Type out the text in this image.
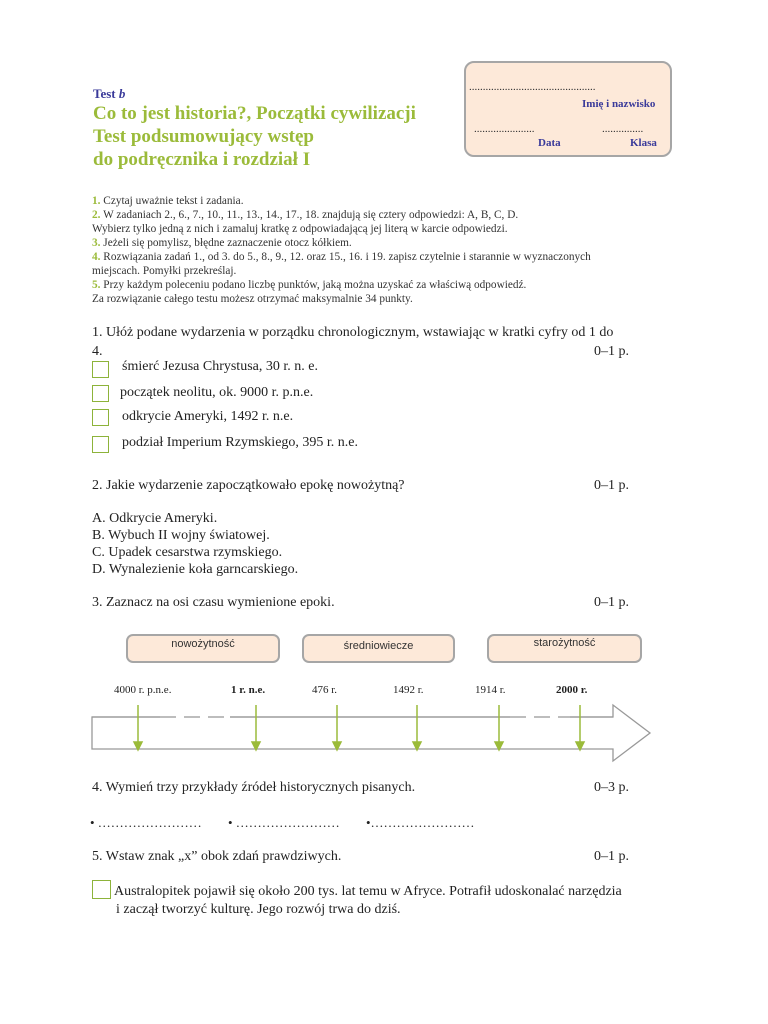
Test b
Co to jest historia?, Początki cywilizacji
Test podsumowujący wstęp
do podręcznika i rozdział I
..............................................
Imię i nazwisko
......................	...............
Data	Klasa
1. Czytaj uważnie tekst i zadania.
2. W zadaniach 2., 6., 7., 10., 11., 13., 14., 17., 18. znajdują się cztery odpowiedzi: A, B, C, D.
Wybierz tylko jedną z nich i zamaluj kratkę z odpowiadającą jej literą w karcie odpowiedzi.
3. Jeżeli się pomylisz, błędne zaznaczenie otocz kółkiem.
4. Rozwiązania zadań 1., od 3. do 5., 8., 9., 12. oraz 15., 16. i 19. zapisz czytelnie i starannie w wyznaczonych
miejscach. Pomyłki przekreślaj.
5. Przy każdym poleceniu podano liczbę punktów, jaką można uzyskać za właściwą odpowiedź.
Za rozwiązanie całego testu możesz otrzymać maksymalnie 34 punkty.
1. Ułóż podane wydarzenia w porządku chronologicznym, wstawiając w kratki cyfry od 1 do
4.	0–1 p.
śmierć Jezusa Chrystusa, 30 r. n. e.
początek neolitu, ok. 9000 r. p.n.e.
odkrycie Ameryki, 1492 r. n.e.
podział Imperium Rzymskiego, 395 r. n.e.
2. Jakie wydarzenie zapoczątkowało epokę nowożytną?	0–1 p.
A. Odkrycie Ameryki.
B. Wybuch II wojny światowej.
C. Upadek cesarstwa rzymskiego.
D. Wynalezienie koła garncarskiego.
3. Zaznacz na osi czasu wymienione epoki.	0–1 p.
nowożytność	średniowiecze	starożytność
4000 r. p.n.e.	1 r. n.e.	476 r.	1492 r.	1914 r.	2000 r.
4. Wymień trzy przykłady źródeł historycznych pisanych.	0–3 p.
• …………………… • …………………… •……………………
5. Wstaw znak „x” obok zdań prawdziwych.	0–1 p.
Australopitek pojawił się około 200 tys. lat temu w Afryce. Potrafił udoskonalać narzędzia
i zaczął tworzyć kulturę. Jego rozwój trwa do dziś.
